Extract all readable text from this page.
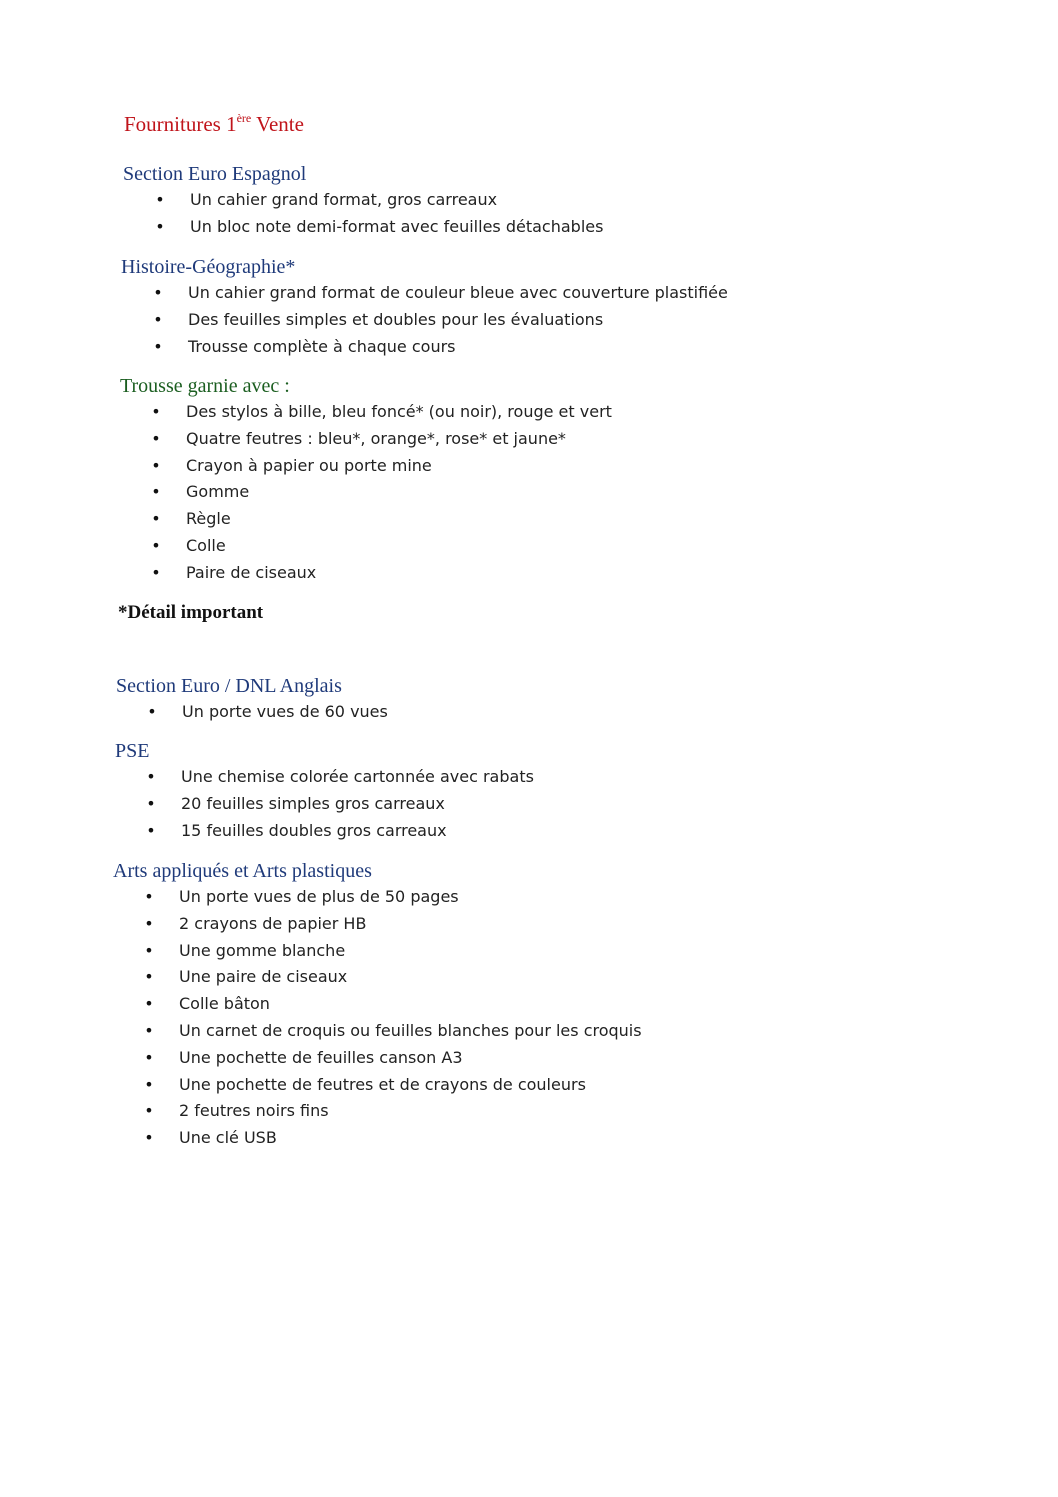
Fournitures 1ère Vente
Section Euro Espagnol
• Un cahier grand format, gros carreaux
• Un bloc note demi-format avec feuilles détachables
Histoire-Géographie*
• Un cahier grand format de couleur bleue avec couverture plastifiée
• Des feuilles simples et doubles pour les évaluations
• Trousse complète à chaque cours
Trousse garnie avec :
• Des stylos à bille, bleu foncé* (ou noir), rouge et vert
• Quatre feutres : bleu*, orange*, rose* et jaune*
• Crayon à papier ou porte mine
• Gomme
• Règle
• Colle
• Paire de ciseaux
*Détail important
Section Euro / DNL Anglais
• Un porte vues de 60 vues
PSE
• Une chemise colorée cartonnée avec rabats
• 20 feuilles simples gros carreaux
• 15 feuilles doubles gros carreaux
Arts appliqués et Arts plastiques
• Un porte vues de plus de 50 pages
• 2 crayons de papier HB
• Une gomme blanche
• Une paire de ciseaux
• Colle bâton
• Un carnet de croquis ou feuilles blanches pour les croquis
• Une pochette de feuilles canson A3
• Une pochette de feutres et de crayons de couleurs
• 2 feutres noirs fins
• Une clé USB
